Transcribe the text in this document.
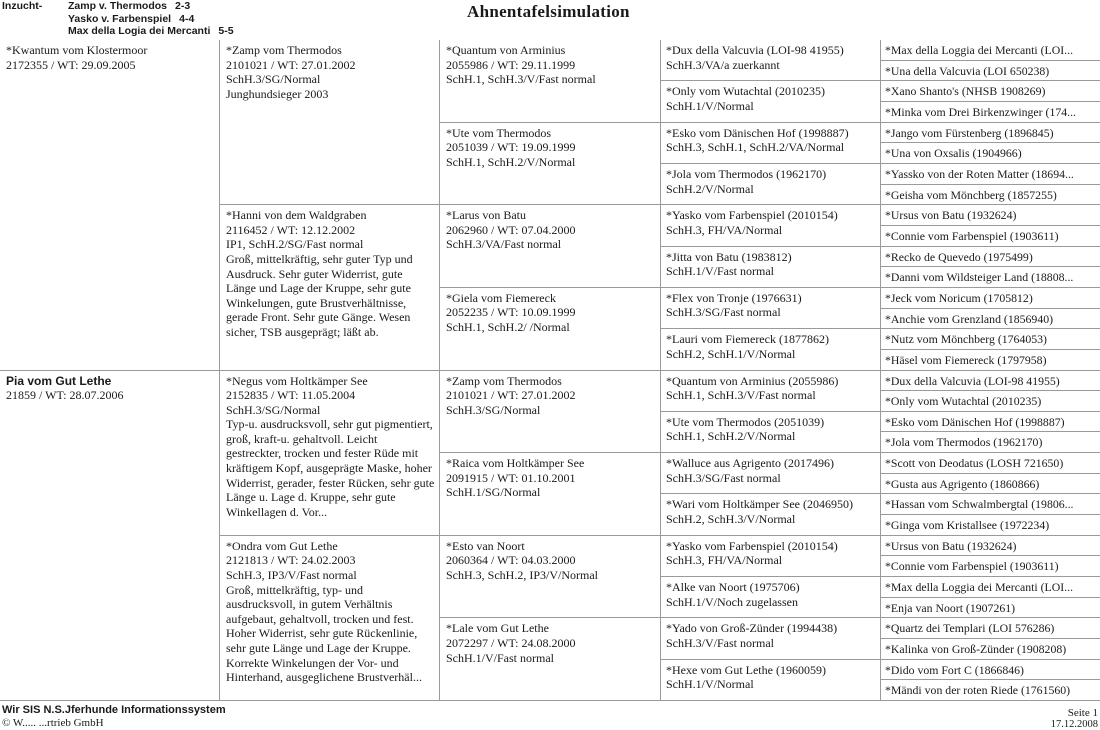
Inzucht-	Zamp v. Thermodos 2-3
Yasko v. Farbenspiel 4-4
Max della Logia dei Mercanti 5-5
Ahnentafelsimulation
*Kwantum vom Klostermoor
2172355 / WT: 29.09.2005
Pia vom Gut Lethe
21859 / WT: 28.07.2006
*Zamp vom Thermodos
2101021 / WT: 27.01.2002
SchH.3/SG/Normal
Junghundsieger 2003
*Hanni von dem Waldgraben
2116452 / WT: 12.12.2002
IP1, SchH.2/SG/Fast normal
Groß, mittelkräftig, sehr guter Typ und Ausdruck. Sehr guter Widerrist, gute Länge und Lage der Kruppe, sehr gute Winkelungen, gute Brustverhältnisse, gerade Front. Sehr gute Gänge. Wesen sicher, TSB ausgeprägt; läßt ab.
*Negus vom Holtkämper See
2152835 / WT: 11.05.2004
SchH.3/SG/Normal
Typ-u. ausdrucksvoll, sehr gut pigmentiert, groß, kraft-u. gehaltvoll. Leicht gestreckter, trocken und fester Rüde mit kräftigem Kopf, ausgeprägte Maske, hoher Widerrist, gerader, fester Rücken, sehr gute Länge u. Lage d. Kruppe, sehr gute Winkellagen d. Vor...
*Ondra vom Gut Lethe
2121813 / WT: 24.02.2003
SchH.3, IP3/V/Fast normal
Groß, mittelkräftig, typ- und ausdrucksvoll, in gutem Verhältnis aufgebaut, gehaltvoll, trocken und fest. Hoher Widerrist, sehr gute Rückenlinie, sehr gute Länge und Lage der Kruppe. Korrekte Winkelungen der Vor- und Hinterhand, ausgeglichene Brustverhäl...
*Quantum von Arminius
2055986 / WT: 29.11.1999
SchH.1, SchH.3/V/Fast normal
*Ute vom Thermodos
2051039 / WT: 19.09.1999
SchH.1, SchH.2/V/Normal
*Larus von Batu
2062960 / WT: 07.04.2000
SchH.3/VA/Fast normal
*Giela vom Fiemereck
2052235 / WT: 10.09.1999
SchH.1, SchH.2/ /Normal
*Zamp vom Thermodos
2101021 / WT: 27.01.2002
SchH.3/SG/Normal
*Raica vom Holtkämper See
2091915 / WT: 01.10.2001
SchH.1/SG/Normal
*Esto van Noort
2060364 / WT: 04.03.2000
SchH.3, SchH.2, IP3/V/Normal
*Lale vom Gut Lethe
2072297 / WT: 24.08.2000
SchH.1/V/Fast normal
*Dux della Valcuvia (LOI-98 41955)
SchH.3/VA/a zuerkannt
*Only vom Wutachtal (2010235)
SchH.1/V/Normal
*Esko vom Dänischen Hof (1998887)
SchH.3, SchH.1, SchH.2/VA/Normal
*Jola vom Thermodos (1962170)
SchH.2/V/Normal
*Yasko vom Farbenspiel (2010154)
SchH.3, FH/VA/Normal
*Jitta von Batu (1983812)
SchH.1/V/Fast normal
*Flex von Tronje (1976631)
SchH.3/SG/Fast normal
*Lauri vom Fiemereck (1877862)
SchH.2, SchH.1/V/Normal
*Quantum von Arminius (2055986)
SchH.1, SchH.3/V/Fast normal
*Ute vom Thermodos (2051039)
SchH.1, SchH.2/V/Normal
*Walluce aus Agrigento (2017496)
SchH.3/SG/Fast normal
*Wari vom Holtkämper See (2046950)
SchH.2, SchH.3/V/Normal
*Yasko vom Farbenspiel (2010154)
SchH.3, FH/VA/Normal
*Alke van Noort (1975706)
SchH.1/V/Noch zugelassen
*Yado von Groß-Zünder (1994438)
SchH.3/V/Fast normal
*Hexe vom Gut Lethe (1960059)
SchH.1/V/Normal
*Max della Loggia dei Mercanti (LOI...
*Una della Valcuvia (LOI 650238)
*Xano Shanto's (NHSB 1908269)
*Minka vom Drei Birkenzwinger (174...
*Jango vom Fürstenberg (1896845)
*Una von Oxsalis (1904966)
*Yassko von der Roten Matter (18694...
*Geisha vom Mönchberg (1857255)
*Ursus von Batu (1932624)
*Connie vom Farbenspiel (1903611)
*Recko de Quevedo (1975499)
*Danni vom Wildsteiger Land (18808...
*Jeck vom Noricum (1705812)
*Anchie vom Grenzland (1856940)
*Nutz vom Mönchberg (1764053)
*Häsel vom Fiemereck (1797958)
*Dux della Valcuvia (LOI-98 41955)
*Only vom Wutachtal (2010235)
*Esko vom Dänischen Hof (1998887)
*Jola vom Thermodos (1962170)
*Scott von Deodatus (LOSH 721650)
*Gusta aus Agrigento (1860866)
*Hassan vom Schwalmbergtal (19806...
*Ginga vom Kristallsee (1972234)
*Ursus von Batu (1932624)
*Connie vom Farbenspiel (1903611)
*Max della Loggia dei Mercanti (LOI...
*Enja van Noort (1907261)
*Quartz dei Templari (LOI 576286)
*Kalinka von Groß-Zünder (1908208)
*Dido vom Fort C (1866846)
*Mändi von der roten Riede (1761560)
Wir SIS N.S.Jferhunde Informationssystem
© W..... ...rtrieb GmbH
Seite 1
17.12.2008
